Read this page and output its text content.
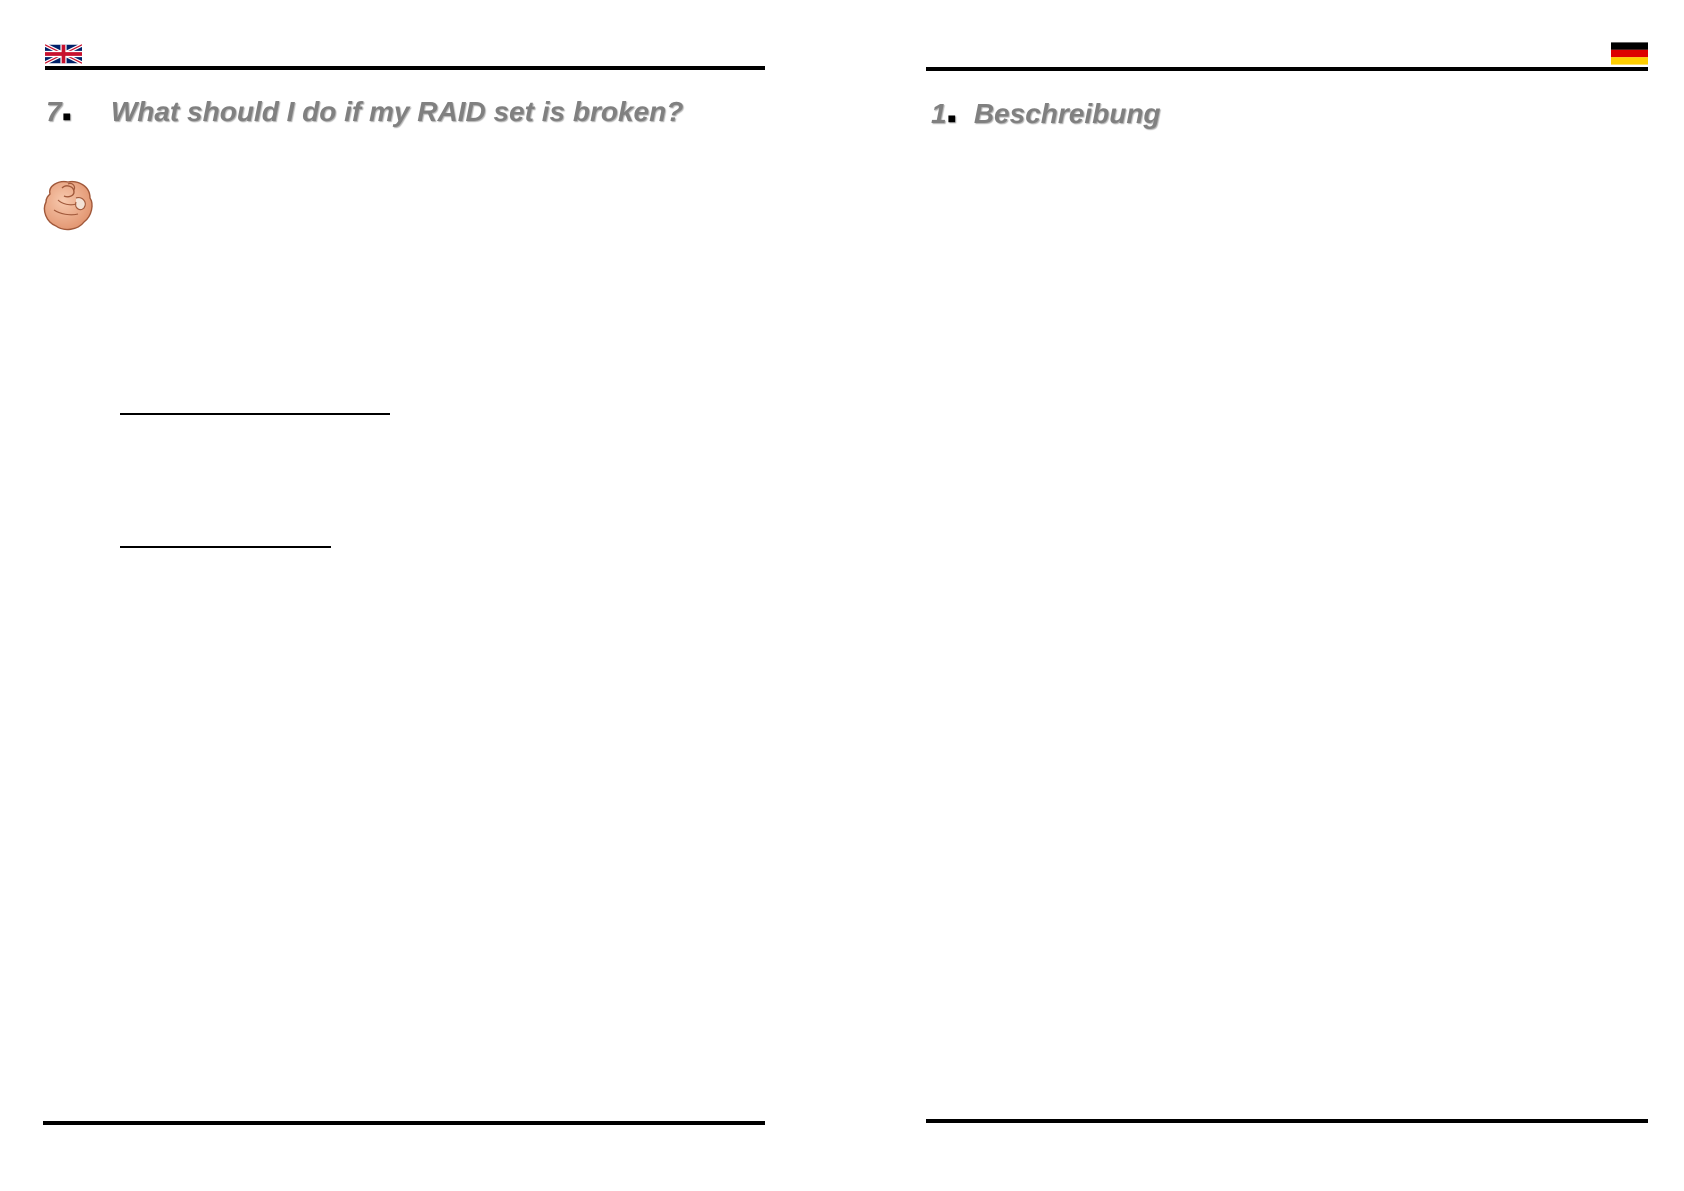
7■ What should I do if my RAID set is broken?	1■ Beschreibung
